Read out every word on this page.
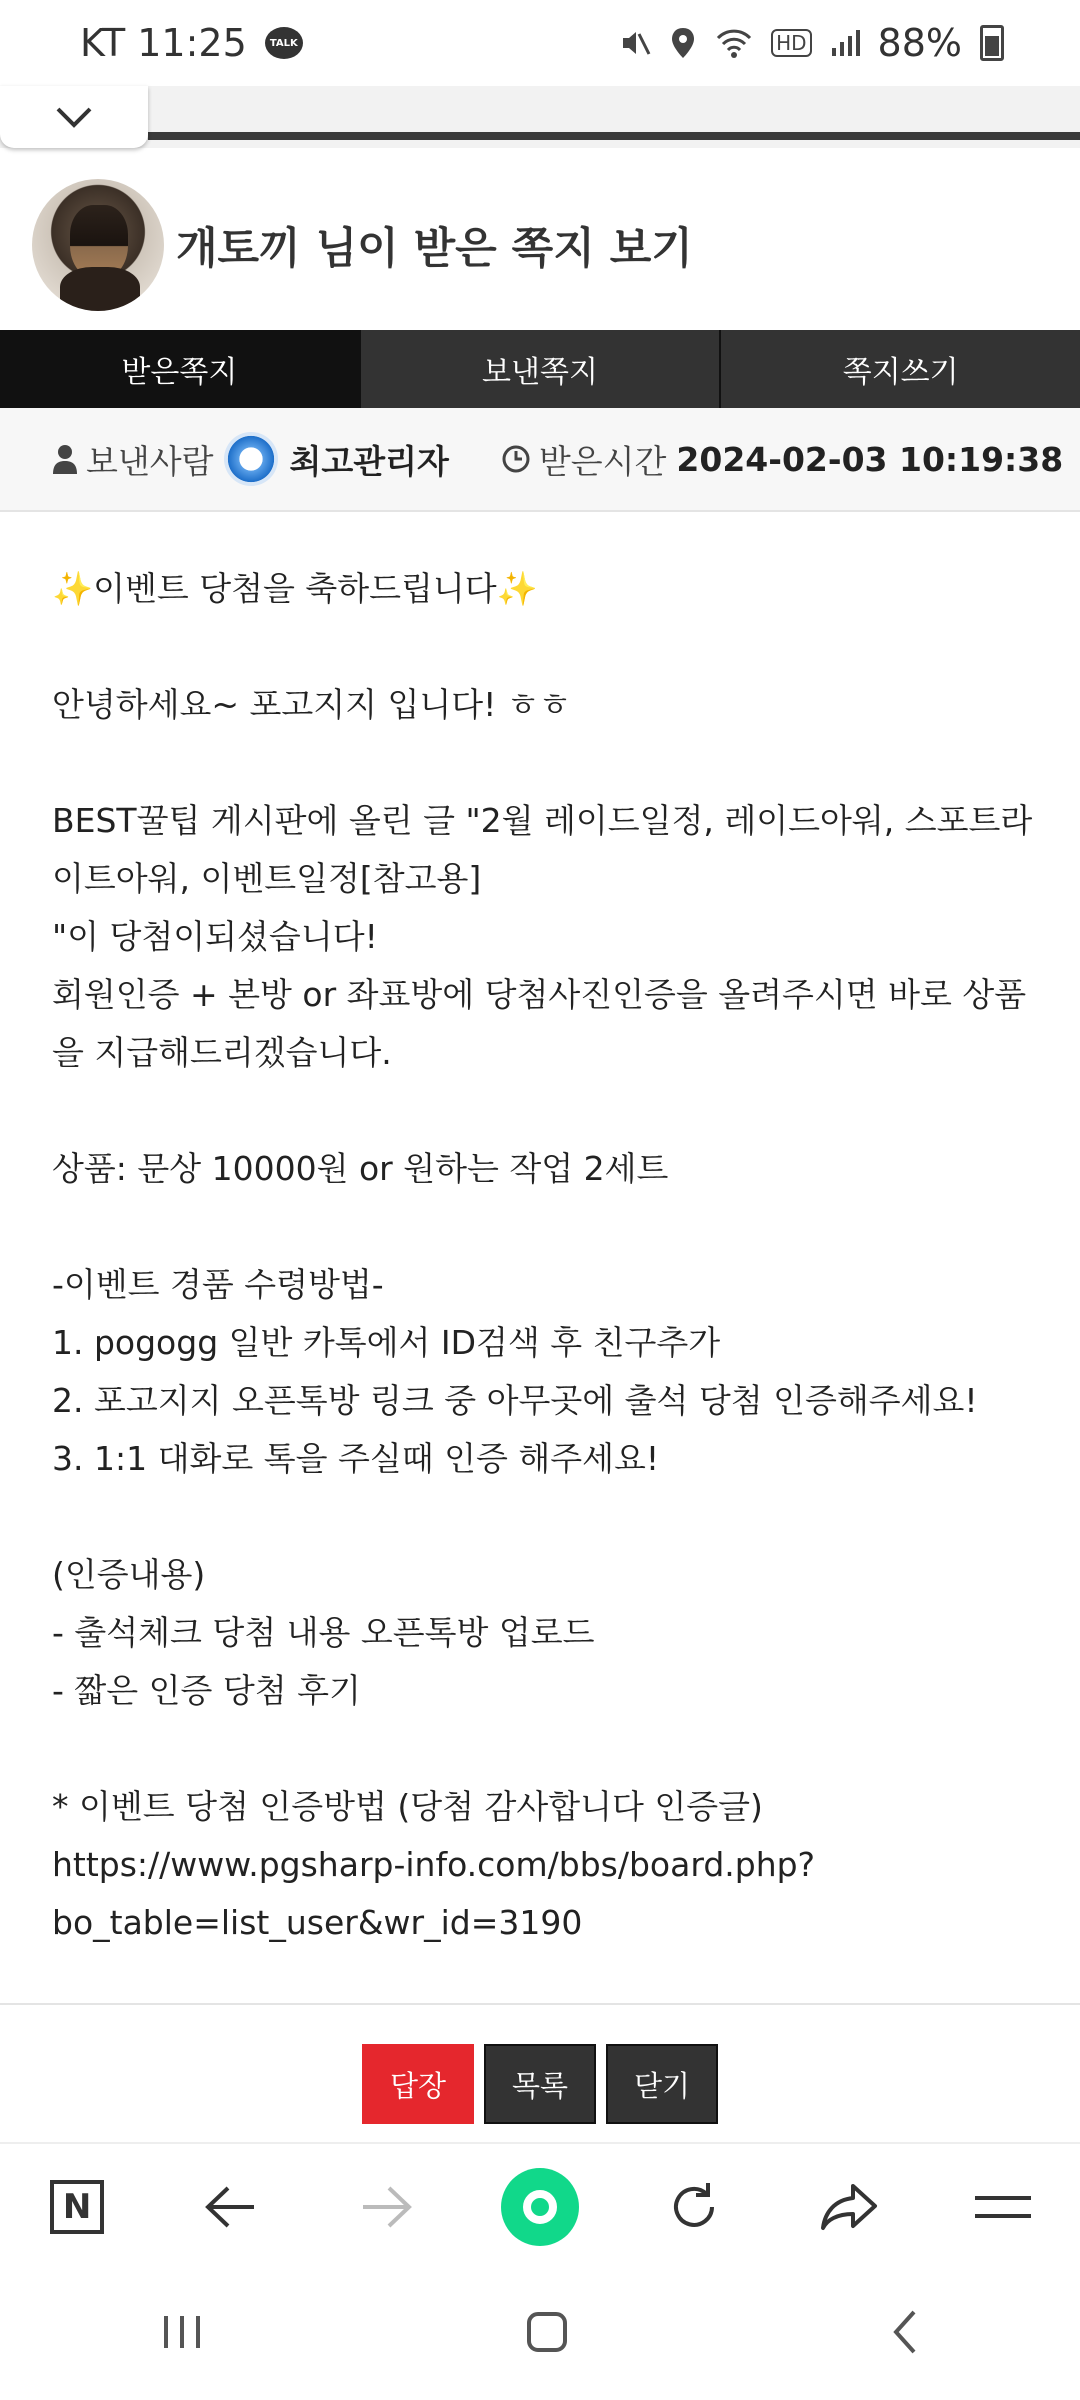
KT 11:25	TALK	HD 88%
개토끼 님이 받은 쪽지 보기
받은쪽지	보낸쪽지	쪽지쓰기
보낸사람 최고관리자	받은시간 2024-02-03 10:19:38
✨이벤트 당첨을 축하드립니다✨
안녕하세요~ 포고지지 입니다! ㅎㅎ
BEST꿀팁 게시판에 올린 글 "2월 레이드일정, 레이드아워, 스포트라
이트아워, 이벤트일정[참고용]
"이 당첨이되셨습니다!
회원인증 + 본방 or 좌표방에 당첨사진인증을 올려주시면 바로 상품
을 지급해드리겠습니다.
상품: 문상 10000원 or 원하는 작업 2세트
-이벤트 경품 수령방법-
1. pogogg 일반 카톡에서 ID검색 후 친구추가
2. 포고지지 오픈톡방 링크 중 아무곳에 출석 당첨 인증해주세요!
3. 1:1 대화로 톡을 주실때 인증 해주세요!
(인증내용)
- 출석체크 당첨 내용 오픈톡방 업로드
- 짧은 인증 당첨 후기
* 이벤트 당첨 인증방법 (당첨 감사합니다 인증글)
https://www.pgsharp-info.com/bbs/board.php?
bo_table=list_user&wr_id=3190
답장	목록	닫기
N
